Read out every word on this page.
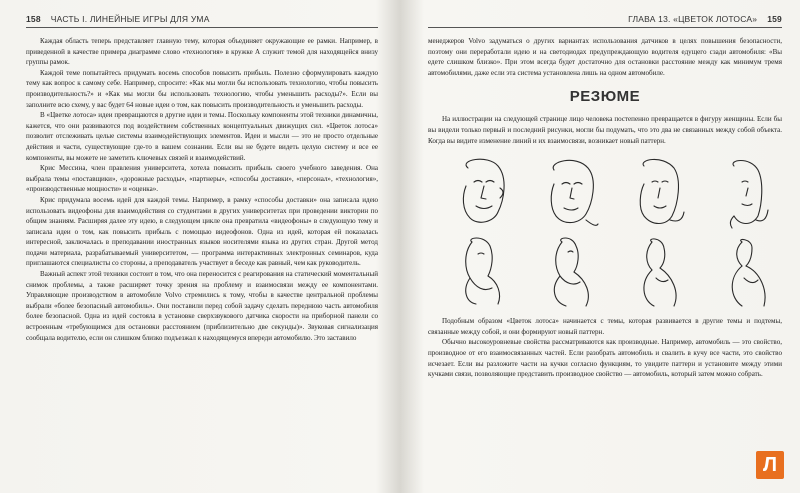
158 ЧАСТЬ I. ЛИНЕЙНЫЕ ИГРЫ ДЛЯ УМА

Каждая область теперь представляет главную тему, которая объединяет окружающие ее рамки. Например, в приведенной в качестве примера диаграмме слово «технология» в кружке А служит темой для находящейся внизу группы рамок.

Каждой теме попытайтесь придумать восемь способов повысить прибыль. Полезно сформулировать каждую тему как вопрос к самому себе. Например, спросите: «Как мы могли бы использовать технологию, чтобы повысить производительность?» и «Как мы могли бы использовать технологию, чтобы уменьшить расходы?». Если вы заполните всю схему, у вас будет 64 новые идеи о том, как повысить производительность и уменьшить расходы.

В «Цветке лотоса» идеи превращаются в другие идеи и темы. Поскольку компоненты этой техники динамичны, кажется, что они развиваются под воздействием собственных концептуальных движущих сил. «Цветок лотоса» позволит отслеживать целые системы взаимодействующих элементов. Идеи и мысли — это не просто отдельные действия и части, существующие где-то в вашем сознании. Если вы не будете видеть целую систему и все ее компоненты, вы можете не заметить ключевых связей и взаимодействий.

Крис Мессина, член правления университета, хотела повысить прибыль своего учебного заведения. Она выбрала темы «поставщики», «дорожные расходы», «партнеры», «способы доставки», «персонал», «технология», «производственные мощности» и «оценка».

Крис придумала восемь идей для каждой темы. Например, в рамку «способы доставки» она записала идею использовать видеофоны для взаимодействия со студентами в других университетах при проведении викторин по общим знаниям. Расширяя далее эту идею, в следующем цикле она превратила «видеофоны» в следующую тему и записала идеи о том, как повысить прибыль с помощью видеофонов. Одна из идей, которая ей показалась интересной, заключалась в преподавании иностранных языков носителями языка из других стран. Другой метод подачи материала, разрабатываемый университетом, — программа интерактивных электронных семинаров, куда приглашаются специалисты со стороны, а преподаватель участвует в беседе как равный, чем как руководитель.

Важный аспект этой техники состоит в том, что она переносится с реагирования на статический моментальный снимок проблемы, а также расширяет точку зрения на проблему и взаимосвязи между ее компонентами. Управляющие производством в автомобиле Volvo стремились к тому, чтобы в качестве центральной проблемы выбрали «более безопасный автомобиль». Они поставили перед собой задачу сделать переднюю часть автомобиля более безопасной. Одна из идей состояла в установке сверхзвукового датчика скорости на приборной панели со встроенным «требующимся для остановки расстоянием (приблизительно две секунды)». Звуковая сигнализация сообщала водителю, если он слишком близко подъезжал к находящемуся впереди автомобилю. Это заставило

ГЛАВА 13. «ЦВЕТОК ЛОТОСА» 159

менеджеров Volvo задуматься о других вариантах использования датчиков в целях повышения безопасности, поэтому они переработали идею и на светодиодах предупреждающую водителя едущего сзади автомобиля: «Вы едете слишком близко». При этом всегда будет достаточно для остановки расстояние между как минимум тремя автомобилями, даже если эта система установлена лишь на одном автомобиле.

РЕЗЮМЕ

На иллюстрации на следующей странице лицо человека постепенно превращается в фигуру женщины. Если бы вы видели только первый и последний рисунки, могли бы подумать, что это два не связанных между собой объекта. Когда вы видите изменение линий и их взаимосвязи, возникает новый паттерн.

Подобным образом «Цветок лотоса» начинается с темы, которая развивается в другие темы и подтемы, связанные между собой, и они формируют новый паттерн.

Обычно высокоуровневые свойства рассматриваются как производные. Например, автомобиль — это свойство, производное от его взаимосвязанных частей. Если разобрать автомобиль и свалить в кучу все части, это свойство исчезает. Если вы разложите части на кучки согласно функциям, то увидите паттерн и установите между этими кучками связи, позволяющие представить производное свойство — автомобиль, который затем можно собрать.

Л
